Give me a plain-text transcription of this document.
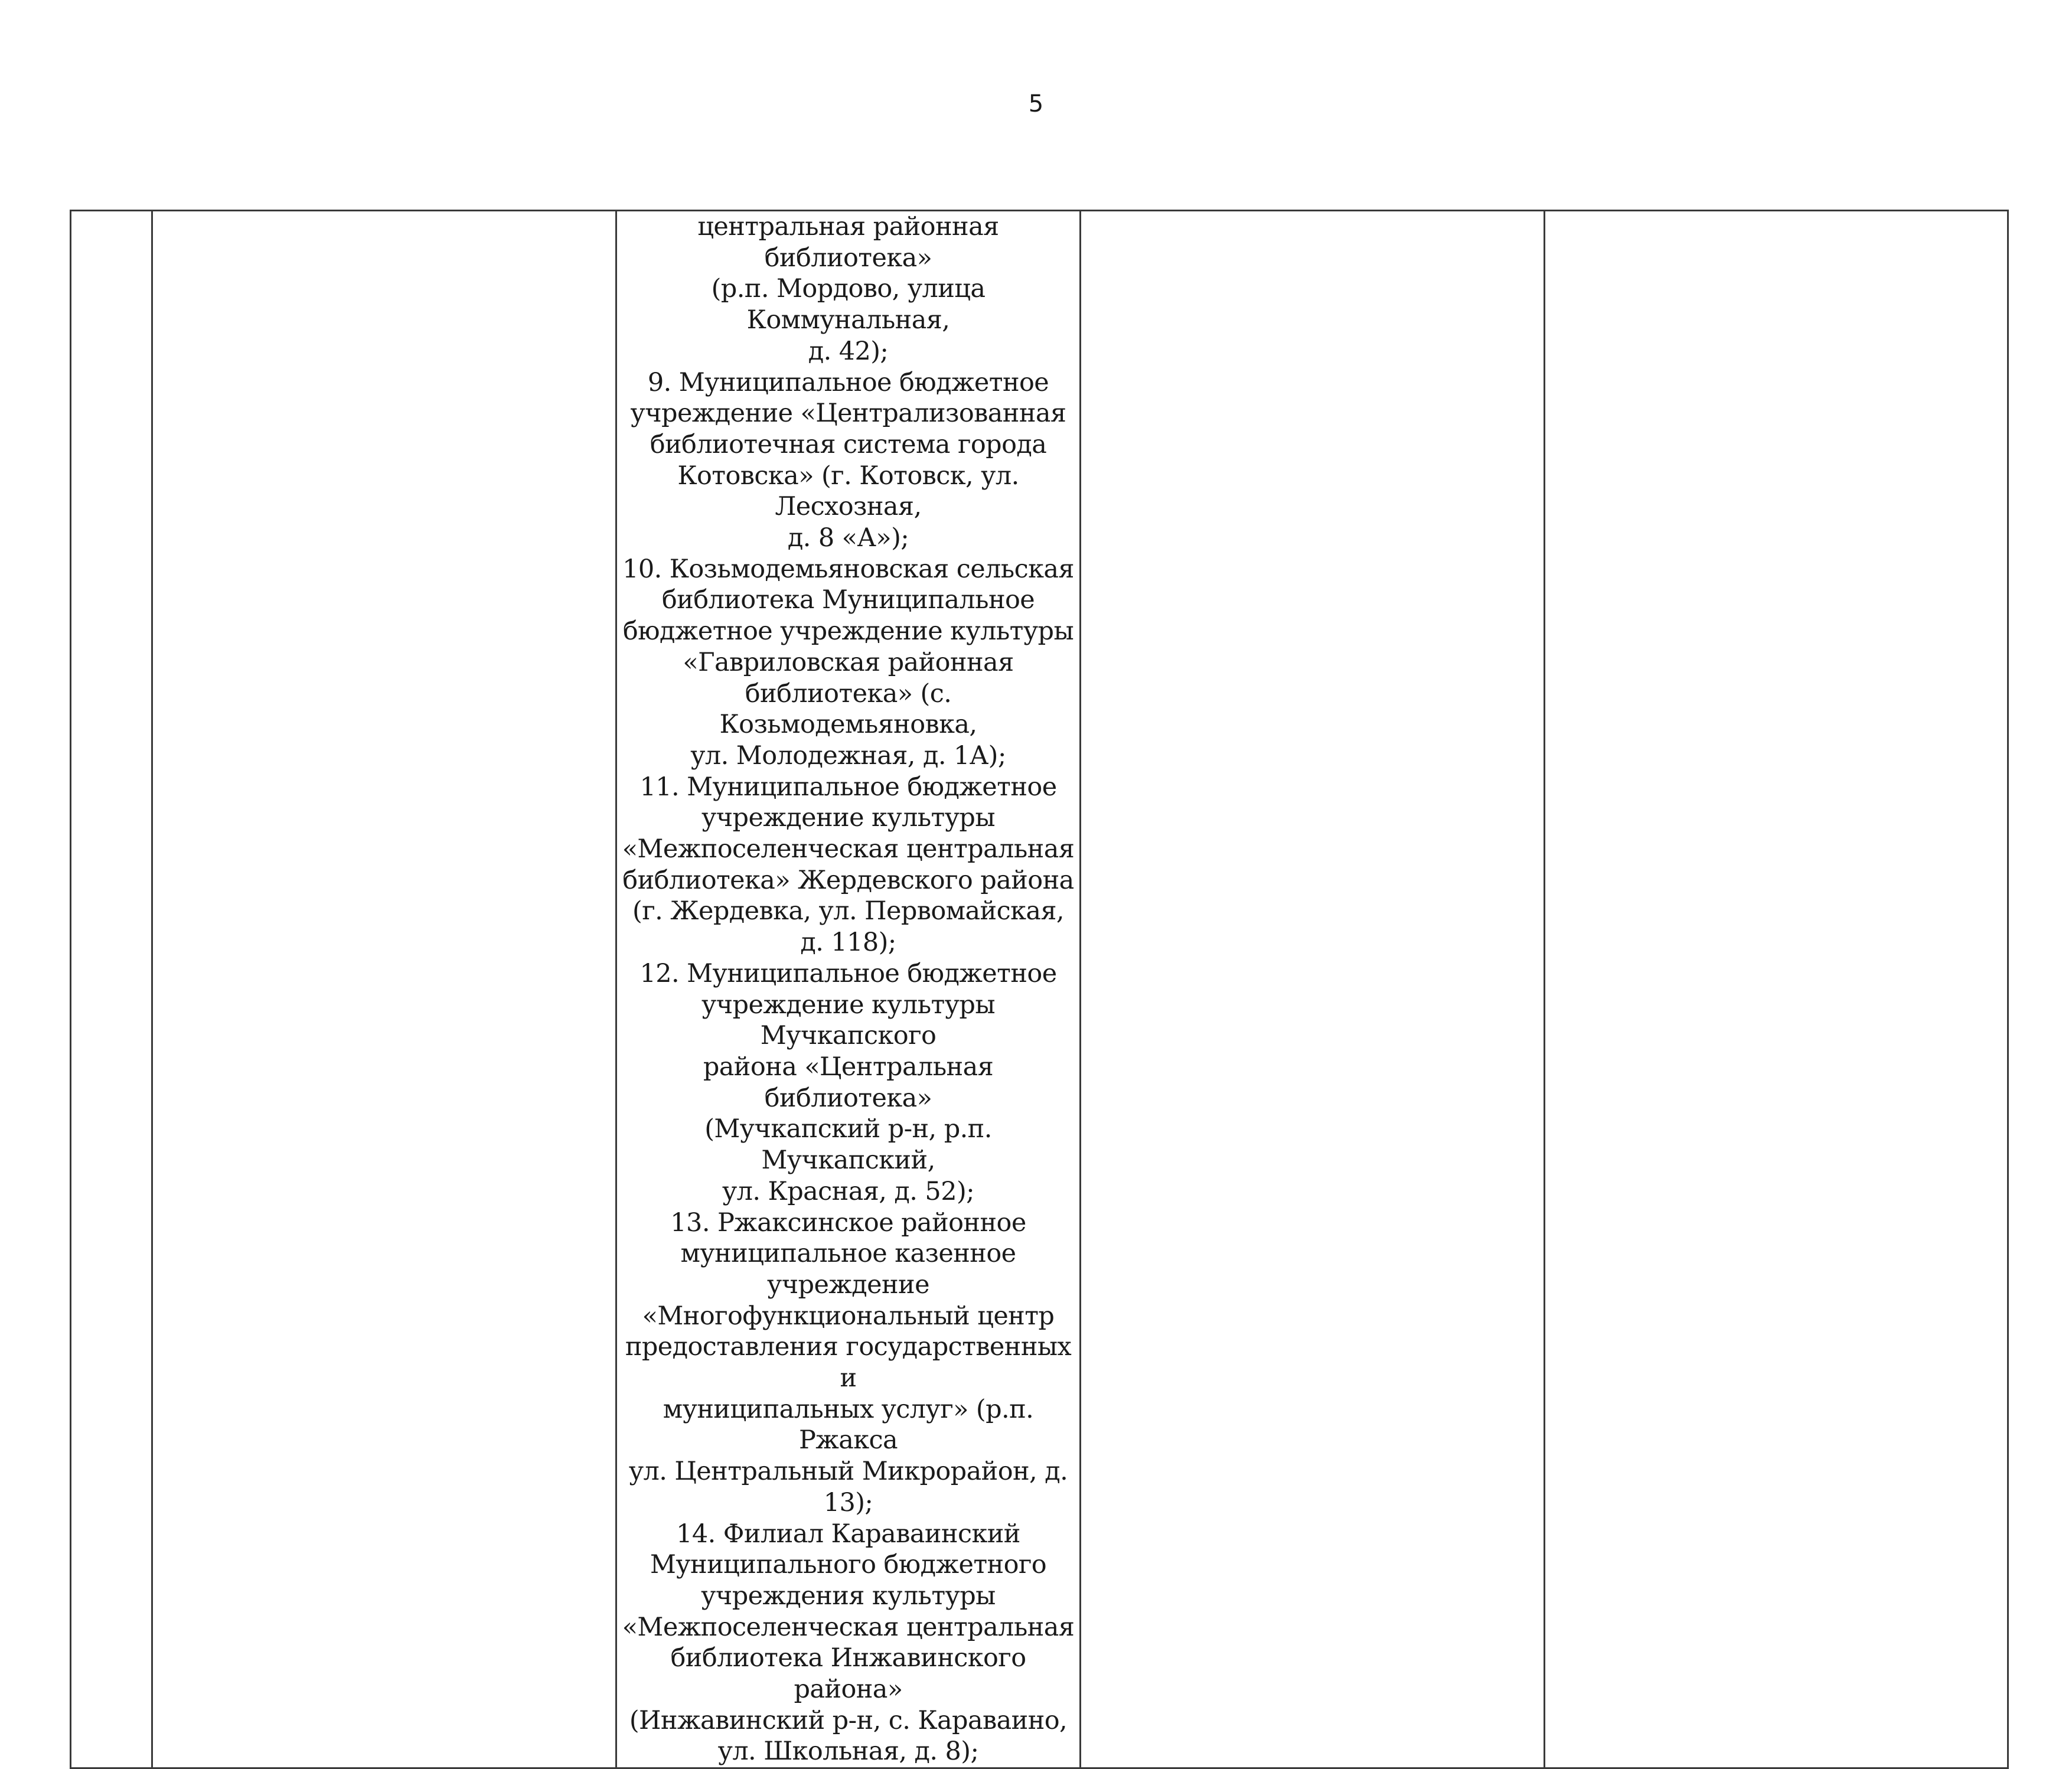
5

центральная районная библиотека»
(р.п. Мордово, улица Коммунальная,
д. 42);
9. Муниципальное бюджетное
учреждение «Централизованная
библиотечная система города
Котовска» (г. Котовск, ул. Лесхозная,
д. 8 «А»);
10. Козьмодемьяновская сельская
библиотека Муниципальное
бюджетное учреждение культуры
«Гавриловская районная
библиотека» (с. Козьмодемьяновка,
ул. Молодежная, д. 1А);
11. Муниципальное бюджетное
учреждение культуры
«Межпоселенческая центральная
библиотека» Жердевского района
(г. Жердевка, ул. Первомайская,
д. 118);
12. Муниципальное бюджетное
учреждение культуры Мучкапского
района «Центральная библиотека»
(Мучкапский р-н, р.п. Мучкапский,
ул. Красная, д. 52);
13. Ржаксинское районное
муниципальное казенное учреждение
«Многофункциональный центр
предоставления государственных и
муниципальных услуг» (р.п. Ржакса
ул. Центральный Микрорайон, д. 13);
14. Филиал Караваинский
Муниципального бюджетного
учреждения культуры
«Межпоселенческая центральная
библиотека Инжавинского района»
(Инжавинский р-н, с. Караваино,
ул. Школьная, д. 8);
